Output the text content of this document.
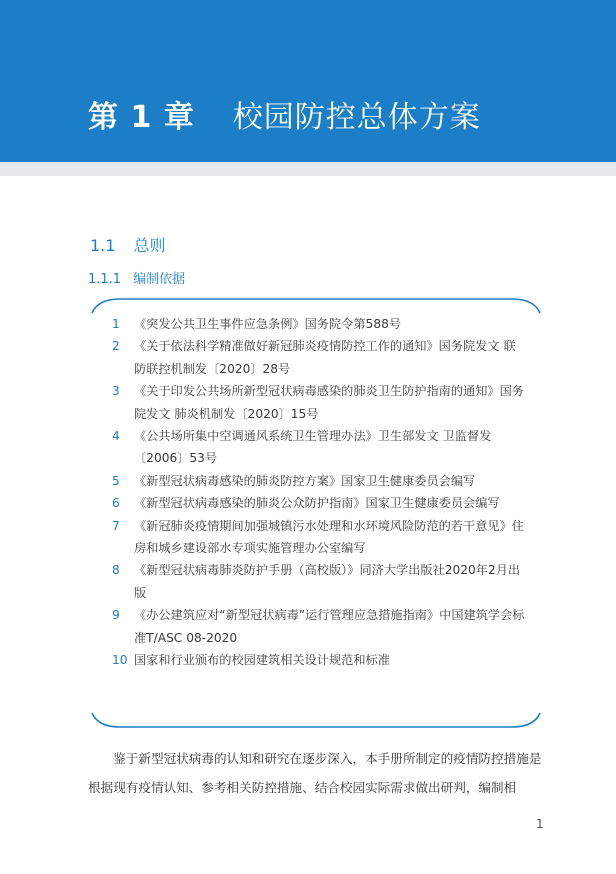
第 1 章 校园防控总体方案
1.1 总则
1.1.1 编制依据
1 《突发公共卫生事件应急条例》国务院令第588号
2 《关于依法科学精准做好新冠肺炎疫情防控工作的通知》国务院发文 联防联控机制发〔2020〕28号
3 《关于印发公共场所新型冠状病毒感染的肺炎卫生防护指南的通知》国务院发文 肺炎机制发〔2020〕15号
4 《公共场所集中空调通风系统卫生管理办法》卫生部发文 卫监督发〔2006〕53号
5 《新型冠状病毒感染的肺炎防控方案》国家卫生健康委员会编写
6 《新型冠状病毒感染的肺炎公众防护指南》国家卫生健康委员会编写
7 《新冠肺炎疫情期间加强城镇污水处理和水环境风险防范的若干意见》住房和城乡建设部水专项实施管理办公室编写
8 《新型冠状病毒肺炎防护手册（高校版）》同济大学出版社2020年2月出版
9 《办公建筑应对“新型冠状病毒”运行管理应急措施指南》中国建筑学会标准T/ASC 08-2020
10 国家和行业颁布的校园建筑相关设计规范和标准

鉴于新型冠状病毒的认知和研究在逐步深入，本手册所制定的疫情防控措施是根据现有疫情认知、参考相关防控措施、结合校园实际需求做出研判，编制相

1
